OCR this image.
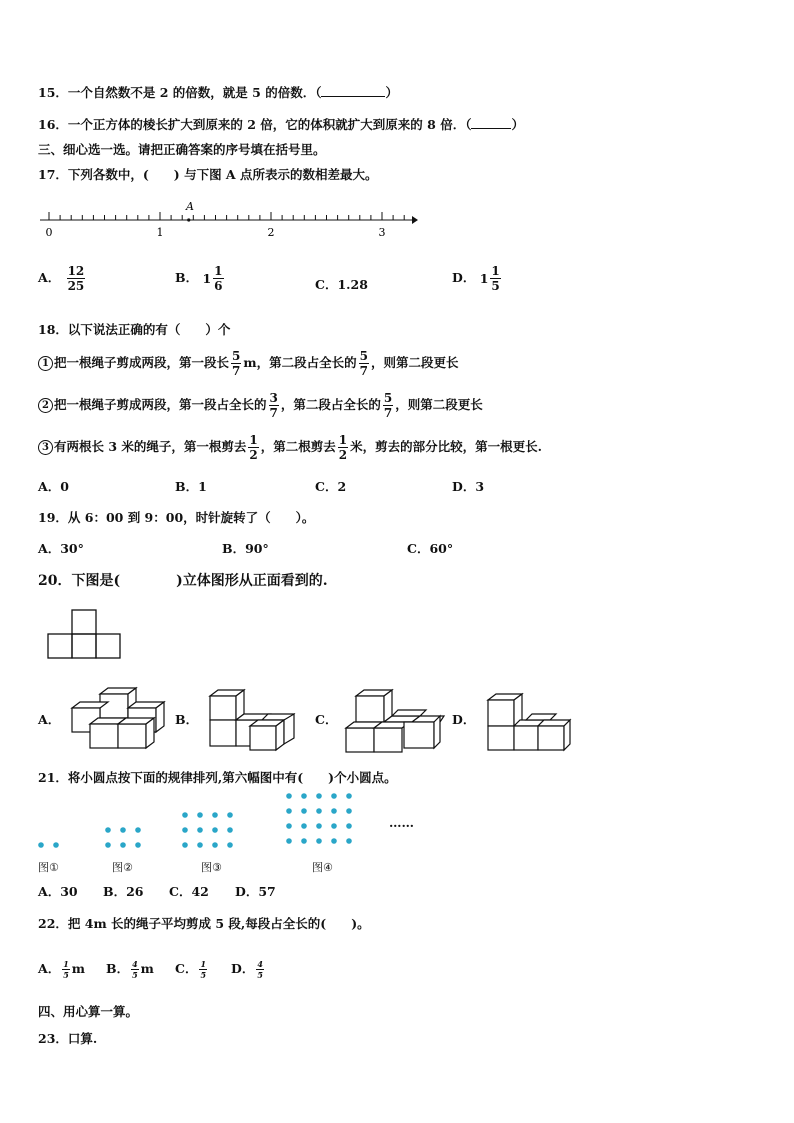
15．一个自然数不是 2 的倍数，就是 5 的倍数．（	）
16．一个正方体的棱长扩大到原来的 2 倍，它的体积就扩大到原来的 8 倍．（	）
三、细心选一选。请把正确答案的序号填在括号里。
17．下列各数中，(　　) 与下图 A 点所表示的数相差最大。
A
0	1	2	3
A． $\frac{12}{25}$	B． $1 \frac{1}{6}$	C．1.28	D． $1 \frac{1}{5}$
18．以下说法正确的有（　　）个
1 把一根绳子剪成两段，第一段长 $\frac{5}{7}$ m，第二段占全长的 $\frac{5}{7}$ ，则第二段更长
2 把一根绳子剪成两段，第一段占全长的 $\frac{3}{7}$ ，第二段占全长的 $\frac{5}{7}$ ，则第二段更长
3 有两根长 3 米的绳子，第一根剪去 $\frac{1}{2}$ ，第二根剪去 $\frac{1}{2}$ 米，剪去的部分比较，第一根更长.
A．0	B．1	C．2	D．3
19．从 6：00 到 9：00，时针旋转了（　　）。
A．30°	B．90°	C．60°
20．下图是(　　　　)立体图形从正面看到的.
A．	B．	C．	D．
21．将小圆点按下面的规律排列,第六幅图中有(　　)个小圆点。
……
图①	图②	图③	图④
A．30 B．26 C．42 D．57
22．把 4m 长的绳子平均剪成 5 段,每段占全长的(　　)。
A． $\frac{1}{5}$ m B． $\frac{4}{5}$ m C． $\frac{1}{5}$ D． $\frac{4}{5}$
四、用心算一算。
23．口算.
